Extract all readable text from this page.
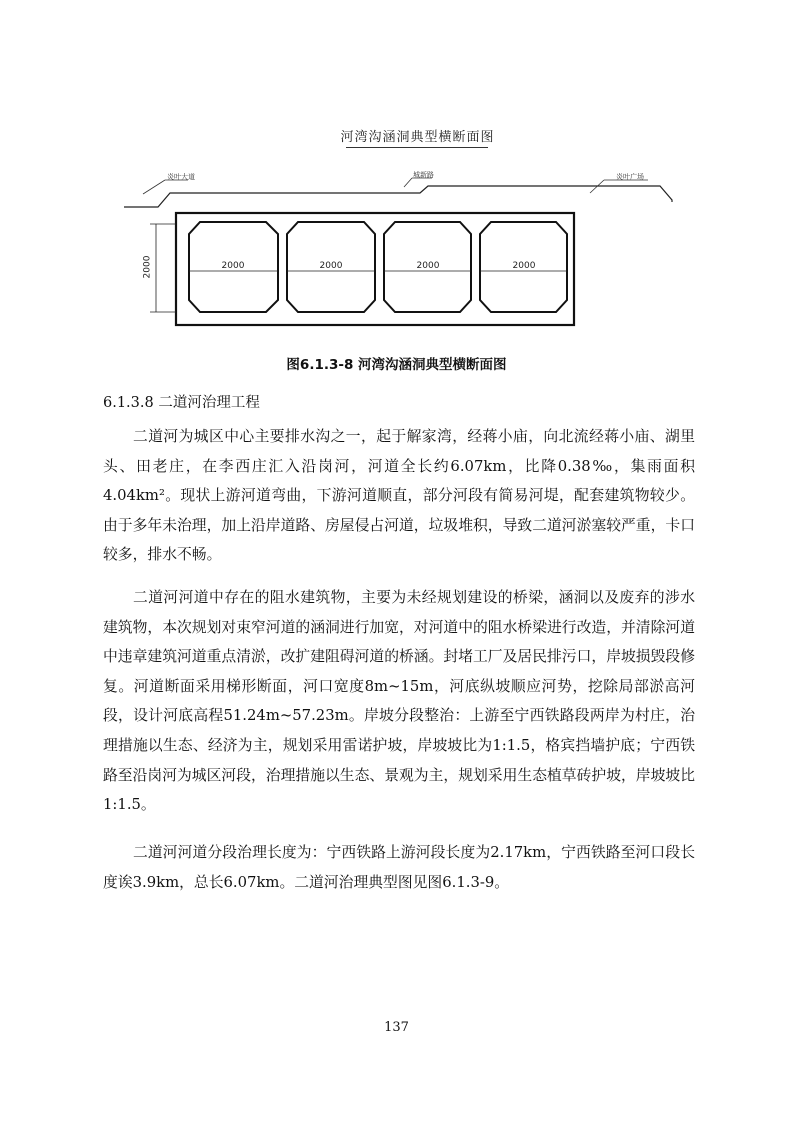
河湾沟涵洞典型横断面图
炎叶大道	城新路	炎叶广场
2000	2000	2000	2000
2000
图6.1.3-8 河湾沟涵洞典型横断面图
6.1.3.8 二道河治理工程

二道河为城区中心主要排水沟之一，起于解家湾，经蒋小庙，向北流经蒋小庙、湖里头、田老庄，在李西庄汇入沿岗河，河道全长约6.07km，比降0.38‰，集雨面积4.04km²。现状上游河道弯曲，下游河道顺直，部分河段有简易河堤，配套建筑物较少。由于多年未治理，加上沿岸道路、房屋侵占河道，垃圾堆积，导致二道河淤塞较严重，卡口较多，排水不畅。

二道河河道中存在的阻水建筑物，主要为未经规划建设的桥梁，涵洞以及废弃的涉水建筑物，本次规划对束窄河道的涵洞进行加宽，对河道中的阻水桥梁进行改造，并清除河道中违章建筑河道重点清淤，改扩建阻碍河道的桥涵。封堵工厂及居民排污口，岸坡损毁段修复。河道断面采用梯形断面，河口宽度8m~15m，河底纵坡顺应河势，挖除局部淤高河段，设计河底高程51.24m~57.23m。岸坡分段整治：上游至宁西铁路段两岸为村庄，治理措施以生态、经济为主，规划采用雷诺护坡，岸坡坡比为1:1.5，格宾挡墙护底；宁西铁路至沿岗河为城区河段，治理措施以生态、景观为主，规划采用生态植草砖护坡，岸坡坡比1:1.5。

二道河河道分段治理长度为：宁西铁路上游河段长度为2.17km，宁西铁路至河口段长度诶3.9km，总长6.07km。二道河治理典型图见图6.1.3-9。

137
